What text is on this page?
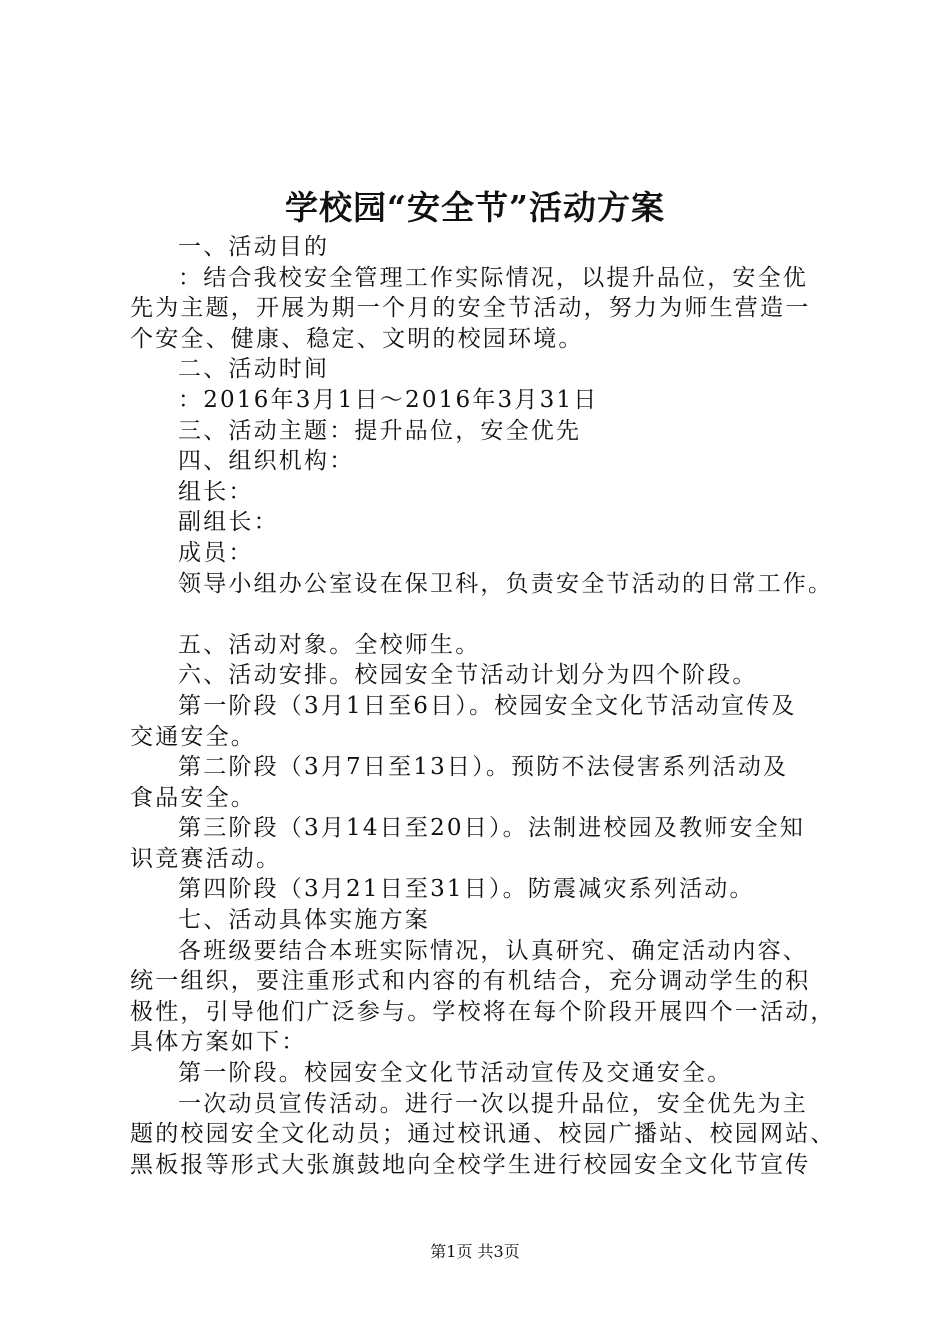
学校园“安全节”活动方案

一、活动目的

：结合我校安全管理工作实际情况，以提升品位，安全优

先为主题，开展为期一个月的安全节活动，努力为师生营造一

个安全、健康、稳定、文明的校园环境。

二、活动时间

：2016年3月1日～2016年3月31日

三、活动主题：提升品位，安全优先

四、组织机构：

组长：

副组长：

成员：

领导小组办公室设在保卫科，负责安全节活动的日常工作。

五、活动对象。全校师生。

六、活动安排。校园安全节活动计划分为四个阶段。

第一阶段（3月1日至6日）。校园安全文化节活动宣传及

交通安全。

第二阶段（3月7日至13日）。预防不法侵害系列活动及

食品安全。

第三阶段（3月14日至20日）。法制进校园及教师安全知

识竞赛活动。

第四阶段（3月21日至31日）。防震减灾系列活动。

七、活动具体实施方案

各班级要结合本班实际情况，认真研究、确定活动内容、

统一组织，要注重形式和内容的有机结合，充分调动学生的积

极性，引导他们广泛参与。学校将在每个阶段开展四个一活动，

具体方案如下：

第一阶段。校园安全文化节活动宣传及交通安全。

一次动员宣传活动。进行一次以提升品位，安全优先为主

题的校园安全文化动员；通过校讯通、校园广播站、校园网站、

黑板报等形式大张旗鼓地向全校学生进行校园安全文化节宣传

第1页 共3页
